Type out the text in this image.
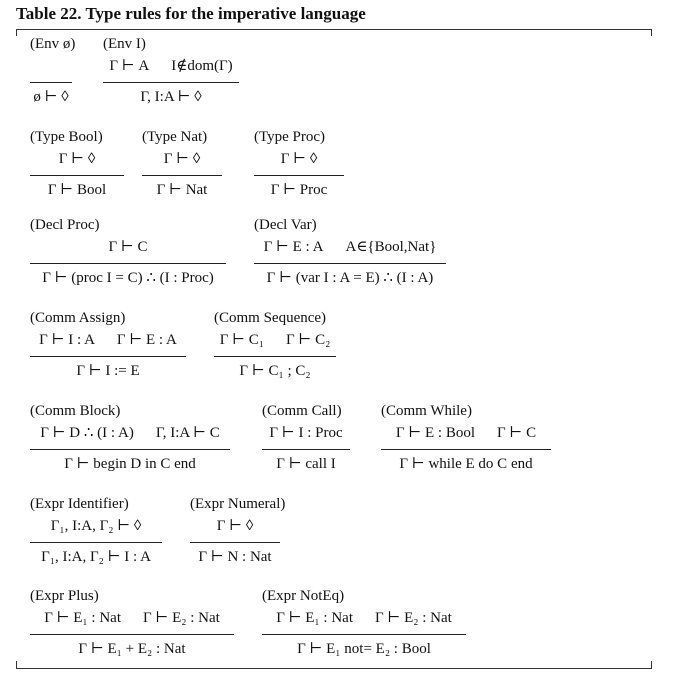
Table 22. Type rules for the imperative language
(Env ø)
ø ⊢ ◊
(Env I)
Γ ⊢ A I∉dom(Γ)
Γ, I:A ⊢ ◊
(Type Bool)
Γ ⊢ ◊
Γ ⊢ Bool
(Type Nat)
Γ ⊢ ◊
Γ ⊢ Nat
(Type Proc)
Γ ⊢ ◊
Γ ⊢ Proc
(Decl Proc)
Γ ⊢ C
Γ ⊢ (proc I = C) ∴ (I : Proc)
(Decl Var)
Γ ⊢ E : A A∈{Bool,Nat}
Γ ⊢ (var I : A = E) ∴ (I : A)
(Comm Assign)
Γ ⊢ I : A Γ ⊢ E : A
Γ ⊢ I := E
(Comm Sequence)
Γ ⊢ C₁ Γ ⊢ C₂
Γ ⊢ C₁ ; C₂
(Comm Block)
Γ ⊢ D ∴ (I : A) Γ, I:A ⊢ C
Γ ⊢ begin D in C end
(Comm Call)
Γ ⊢ I : Proc
Γ ⊢ call I
(Comm While)
Γ ⊢ E : Bool Γ ⊢ C
Γ ⊢ while E do C end
(Expr Identifier)
Γ₁, I:A, Γ₂ ⊢ ◊
Γ₁, I:A, Γ₂ ⊢ I : A
(Expr Numeral)
Γ ⊢ ◊
Γ ⊢ N : Nat
(Expr Plus)
Γ ⊢ E₁ : Nat Γ ⊢ E₂ : Nat
Γ ⊢ E₁ + E₂ : Nat
(Expr NotEq)
Γ ⊢ E₁ : Nat Γ ⊢ E₂ : Nat
Γ ⊢ E₁ not= E₂ : Bool
